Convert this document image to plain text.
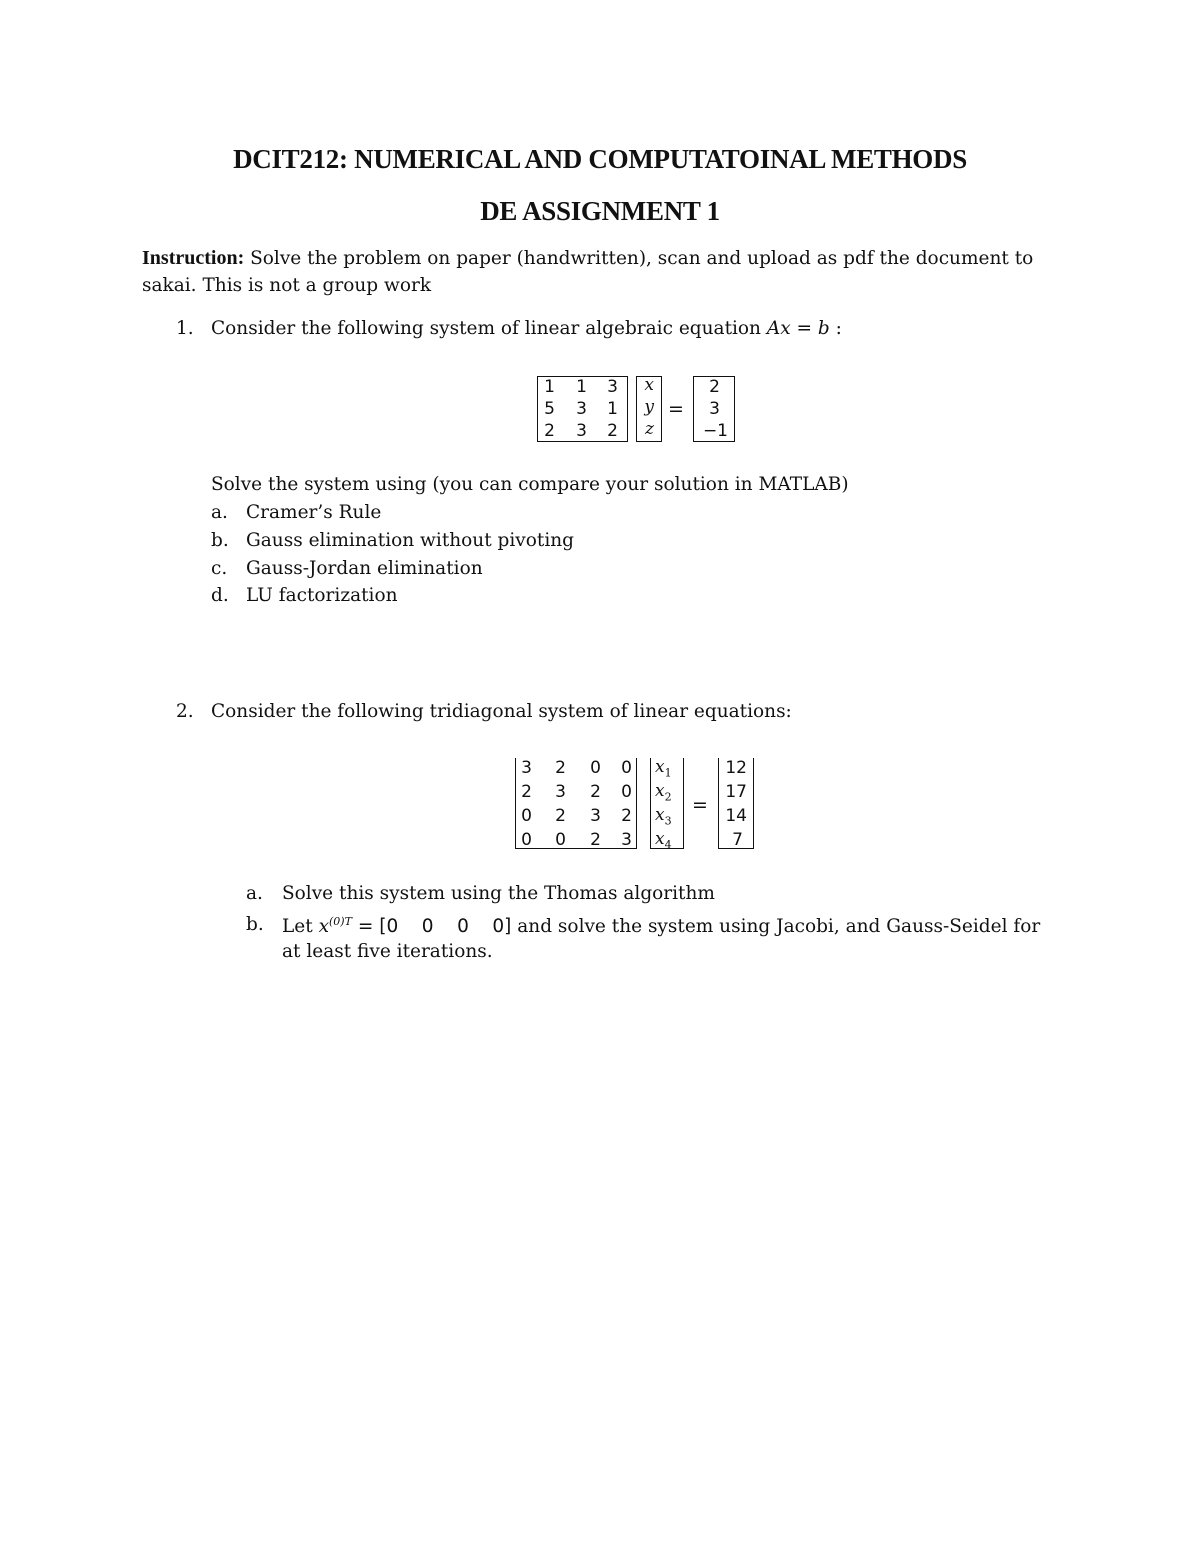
DCIT212: NUMERICAL AND COMPUTATOINAL METHODS
DE ASSIGNMENT 1
Instruction: Solve the problem on paper (handwritten), scan and upload as pdf the document to
sakai. This is not a group work
1. Consider the following system of linear algebraic equation Ax = b :
1 1 3
5 3 1
2 3 2
x
y
z
=
2
3
−1
Solve the system using (you can compare your solution in MATLAB)
a. Cramer’s Rule
b. Gauss elimination without pivoting
c. Gauss-Jordan elimination
d. LU factorization
2. Consider the following tridiagonal system of linear equations:
3 2 0 0
2 3 2 0
0 2 3 2
0 0 2 3
$x_1$
$x_2$
$x_3$
$x_4$
=
12
17
14
7
a. Solve this system using the Thomas algorithm
b. Let $x^{(0)T} = [0$ 0 0 0] and solve the system using Jacobi, and Gauss-Seidel for
at least five iterations.
